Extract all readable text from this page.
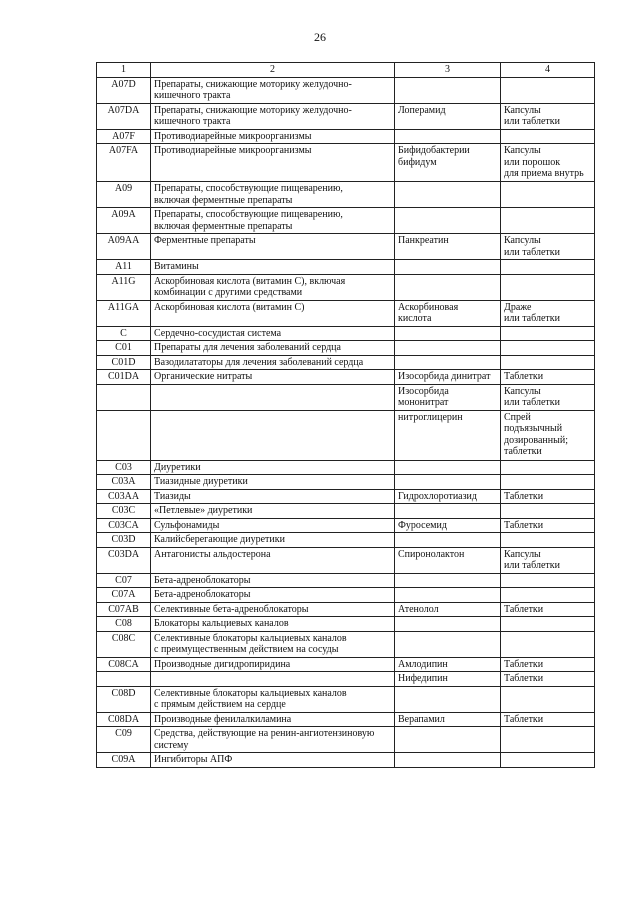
26
1	2	3	4
A07D	Препараты, снижающие моторику желудочно-
кишечного тракта		

A07DA	Препараты, снижающие моторику желудочно-
кишечного тракта	Лоперамид	Капсулы
или таблетки

A07F	Противодиарейные микроорганизмы		

A07FA	Противодиарейные микроорганизмы	Бифидобактерии
бифидум	Капсулы
или порошок
для приема внутрь

A09	Препараты, способствующие пищеварению,
включая ферментные препараты		

A09A	Препараты, способствующие пищеварению,
включая ферментные препараты		

A09AA	Ферментные препараты	Панкреатин	Капсулы
или таблетки

A11	Витамины		

A11G	Аскорбиновая кислота (витамин С), включая
комбинации с другими средствами		

A11GA	Аскорбиновая кислота (витамин С)	Аскорбиновая
кислота	Драже
или таблетки

C	Сердечно-сосудистая система		

C01	Препараты для лечения заболеваний сердца		

C01D	Вазодилататоры для лечения заболеваний сердца		

C01DA	Органические нитраты	Изосорбида динитрат	Таблетки

		Изосорбида
мононитрат	Капсулы
или таблетки

		нитроглицерин	Спрей
подъязычный
дозированный;
таблетки

C03	Диуретики		

C03A	Тиазидные диуретики		

C03AA	Тиазиды	Гидрохлоротиазид	Таблетки

C03C	«Петлевые» диуретики		

C03CA	Сульфонамиды	Фуросемид	Таблетки

C03D	Калийсберегающие диуретики		

C03DA	Антагонисты альдостерона	Спиронолактон	Капсулы
или таблетки

C07	Бета-адреноблокаторы		

C07A	Бета-адреноблокаторы		

C07AB	Селективные бета-адреноблокаторы	Атенолол	Таблетки

C08	Блокаторы кальциевых каналов		

C08C	Селективные блокаторы кальциевых каналов
с преимущественным действием на сосуды		

C08CA	Производные дигидропиридина	Амлодипин	Таблетки

		Нифедипин	Таблетки

C08D	Селективные блокаторы кальциевых каналов
с прямым действием на сердце		

C08DA	Производные фенилалкиламина	Верапамил	Таблетки

C09	Средства, действующие на ренин-ангиотензиновую
систему		

C09A	Ингибиторы АПФ		
